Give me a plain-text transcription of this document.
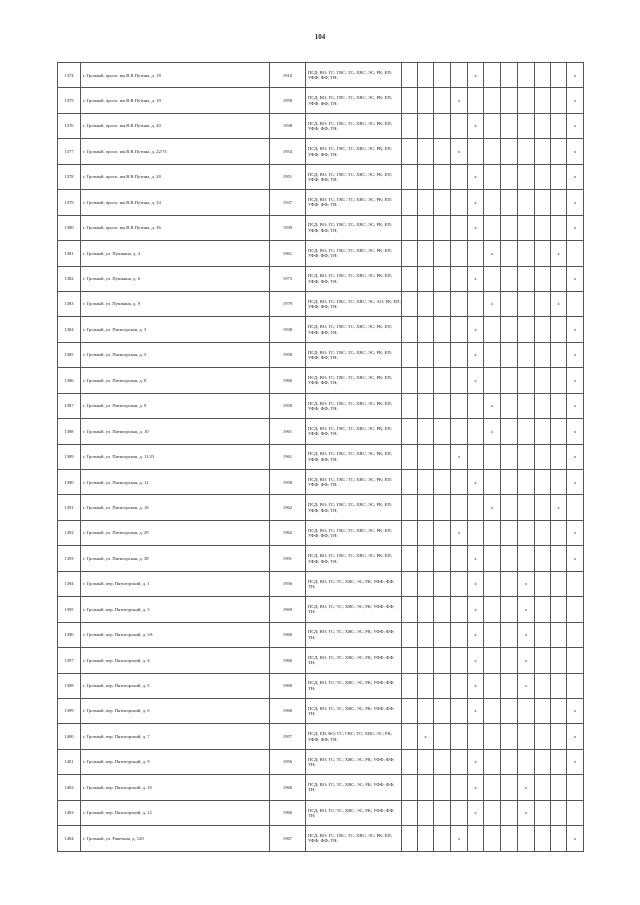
104
1374	г. Грозный, просп. им.В.В.Путина, д. 18	1910	ПСД; ВО; ГС; ГВС; ТС; ХВС; ЭС; РК; ЕП; УФФ; ФФ; ТН;					x						x
1375	г. Грозный, просп. им.В.В.Путина, д. 19	1958	ПСД; ВО; ГС; ГВС; ТС; ХВС; ЭС; РК; ЕП; УФФ; ФФ; ТН;				x							x
1376	г. Грозный, просп. им.В.В.Путина, д. 20	1938	ПСД; ВО; ГС; ГВС; ТС; ХВС; ЭС; РК; ЕП; УФФ; ФФ; ТН;					x						x
1377	г. Грозный, просп. им.В.В.Путина, д. 22/73	1954	ПСД; ВО; ГС; ГВС; ТС; ХВС; ЭС; РК; ЕП; УФФ; ФФ; ТН;				x							x
1378	г. Грозный, просп. им.В.В.Путина, д. 28	1951	ПСД; ВО; ГС; ГВС; ТС; ХВС; ЭС; РК; ЕП; УФФ; ФФ; ТН;					x						x
1379	г. Грозный, просп. им.В.В.Путина, д. 34	1937	ПСД; ВО; ГС; ГВС; ТС; ХВС; ЭС; РК; ЕП; УФФ; ФФ; ТН;					x						x
1380	г. Грозный, просп. им.В.В.Путина, д. 36	1939	ПСД; ВО; ГС; ГВС; ТС; ХВС; ЭС; РК; ЕП; УФФ; ФФ; ТН;					x						x
1381	г. Грозный, ул. Пушкина, д. 4	1961	ПСД; ВО; ГС; ГВС; ТС; ХВС; ЭС; РК; ЕП; УФФ; ФФ; ТН;						x				x	
1382	г. Грозный, ул. Пушкина, д. 6	1973	ПСД; ВО; ГС; ГВС; ТС; ХВС; ЭС; РК; ЕП; УФФ; ФФ; ТН;					x						x
1383	г. Грозный, ул. Пушкина, д. 9	1979	ПСД; ВО; ГС; ГВС; ТС; ХВС; ЭС; АО; РК; ЕП; УФФ; ФФ; ТН;						x				x	
1384	г. Грозный, ул. Пятигорская, д. 3	1938	ПСД; ВО; ГС; ГВС; ТС; ХВС; ЭС; РК; ЕП; УФФ; ФФ; ТН;					x						x
1385	г. Грозный, ул. Пятигорская, д. 5	1958	ПСД; ВО; ГС; ГВС; ТС; ХВС; ЭС; РК; ЕП; УФФ; ФФ; ТН;					x						x
1386	г. Грозный, ул. Пятигорская, д. 8	1960	ПСД; ВО; ГС; ГВС; ТС; ХВС; ЭС; РК; ЕП; УФФ; ФФ; ТН;					x						x
1387	г. Грозный, ул. Пятигорская, д. 9	1958	ПСД; ВО; ГС; ГВС; ТС; ХВС; ЭС; РК; ЕП; УФФ; ФФ; ТН;						x					x
1388	г. Грозный, ул. Пятигорская, д. 10	1961	ПСД; ВО; ГС; ГВС; ТС; ХВС; ЭС; РК; ЕП; УФФ; ФФ; ТН;						x					x
1389	г. Грозный, ул. Пятигорская, д. 11/23	1961	ПСД; ВО; ГС; ГВС; ТС; ХВС; ЭС; РК; ЕП; УФФ; ФФ; ТН;				x							x
1390	г. Грозный, ул. Пятигорская, д. 12	1958	ПСД; ВО; ГС; ГВС; ТС; ХВС; ЭС; РК; ЕП; УФФ; ФФ; ТН;					x						x
1391	г. Грозный, ул. Пятигорская, д. 18	1962	ПСД; ВО; ГС; ГВС; ТС; ХВС; ЭС; РК; ЕП; УФФ; ФФ; ТН;						x				x	
1392	г. Грозный, ул. Пятигорская, д. 29	1962	ПСД; ВО; ГС; ГВС; ТС; ХВС; ЭС; РК; ЕП; УФФ; ФФ; ТН;				x							x
1393	г. Грозный, ул. Пятигорская, д. 38	1991	ПСД; ВО; ГС; ГВС; ТС; ХВС; ЭС; РК; ЕП; УФФ; ФФ; ТН;					x						x
1394	г. Грозный, пер. Пятигорский, д. 1	1956	ПСД; ВО; ГС; ТС; ХВС; ЭС; РК; УФФ; ФФ; ТН;					x			x			
1395	г. Грозный, пер. Пятигорский, д. 3	1969	ПСД; ВО; ГС; ТС; ХВС; ЭС; РК; УФФ; ФФ; ТН;					x			x			
1396	г. Грозный, пер. Пятигорский, д. 3А	1960	ПСД; ВО; ГС; ТС; ХВС; ЭС; РК; УФФ; ФФ; ТН;					x			x			
1397	г. Грозный, пер. Пятигорский, д. 4	1960	ПСД; ВО; ГС; ТС; ХВС; ЭС; РК; УФФ; ФФ; ТН;					x			x			
1398	г. Грозный, пер. Пятигорский, д. 5	1960	ПСД; ВО; ГС; ТС; ХВС; ЭС; РК; УФФ; ФФ; ТН;					x			x			
1399	г. Грозный, пер. Пятигорский, д. 6	1960	ПСД; ВО; ГС; ТС; ХВС; ЭС; РК; УФФ; ФФ; ТН;					x						x
1400	г. Грозный, пер. Пятигорский, д. 7	1957	ПСД; ЕП; ВО; ГС; ГВС; ТС; ХВС; ЭС; РК; УФФ; ФФ; ТН;		x									x
1401	г. Грозный, пер. Пятигорский, д. 9	1956	ПСД; ВО; ГС; ТС; ХВС; ЭС; РК; УФФ; ФФ; ТН;					x						x
1402	г. Грозный, пер. Пятигорский, д. 10	1960	ПСД; ВО; ГС; ТС; ХВС; ЭС; РК; УФФ; ФФ; ТН;					x			x			
1403	г. Грозный, пер. Пятигорский, д. 12	1960	ПСД; ВО; ГС; ТС; ХВС; ЭС; РК; УФФ; ФФ; ТН;					x			x			
1404	г. Грозный, ул. Ракетная, д. 120	1967	ПСД; ВО; ГС; ГВС; ТС; ХВС; ЭС; РК; ЕП; УФФ; ФФ; ТН;				x							x
